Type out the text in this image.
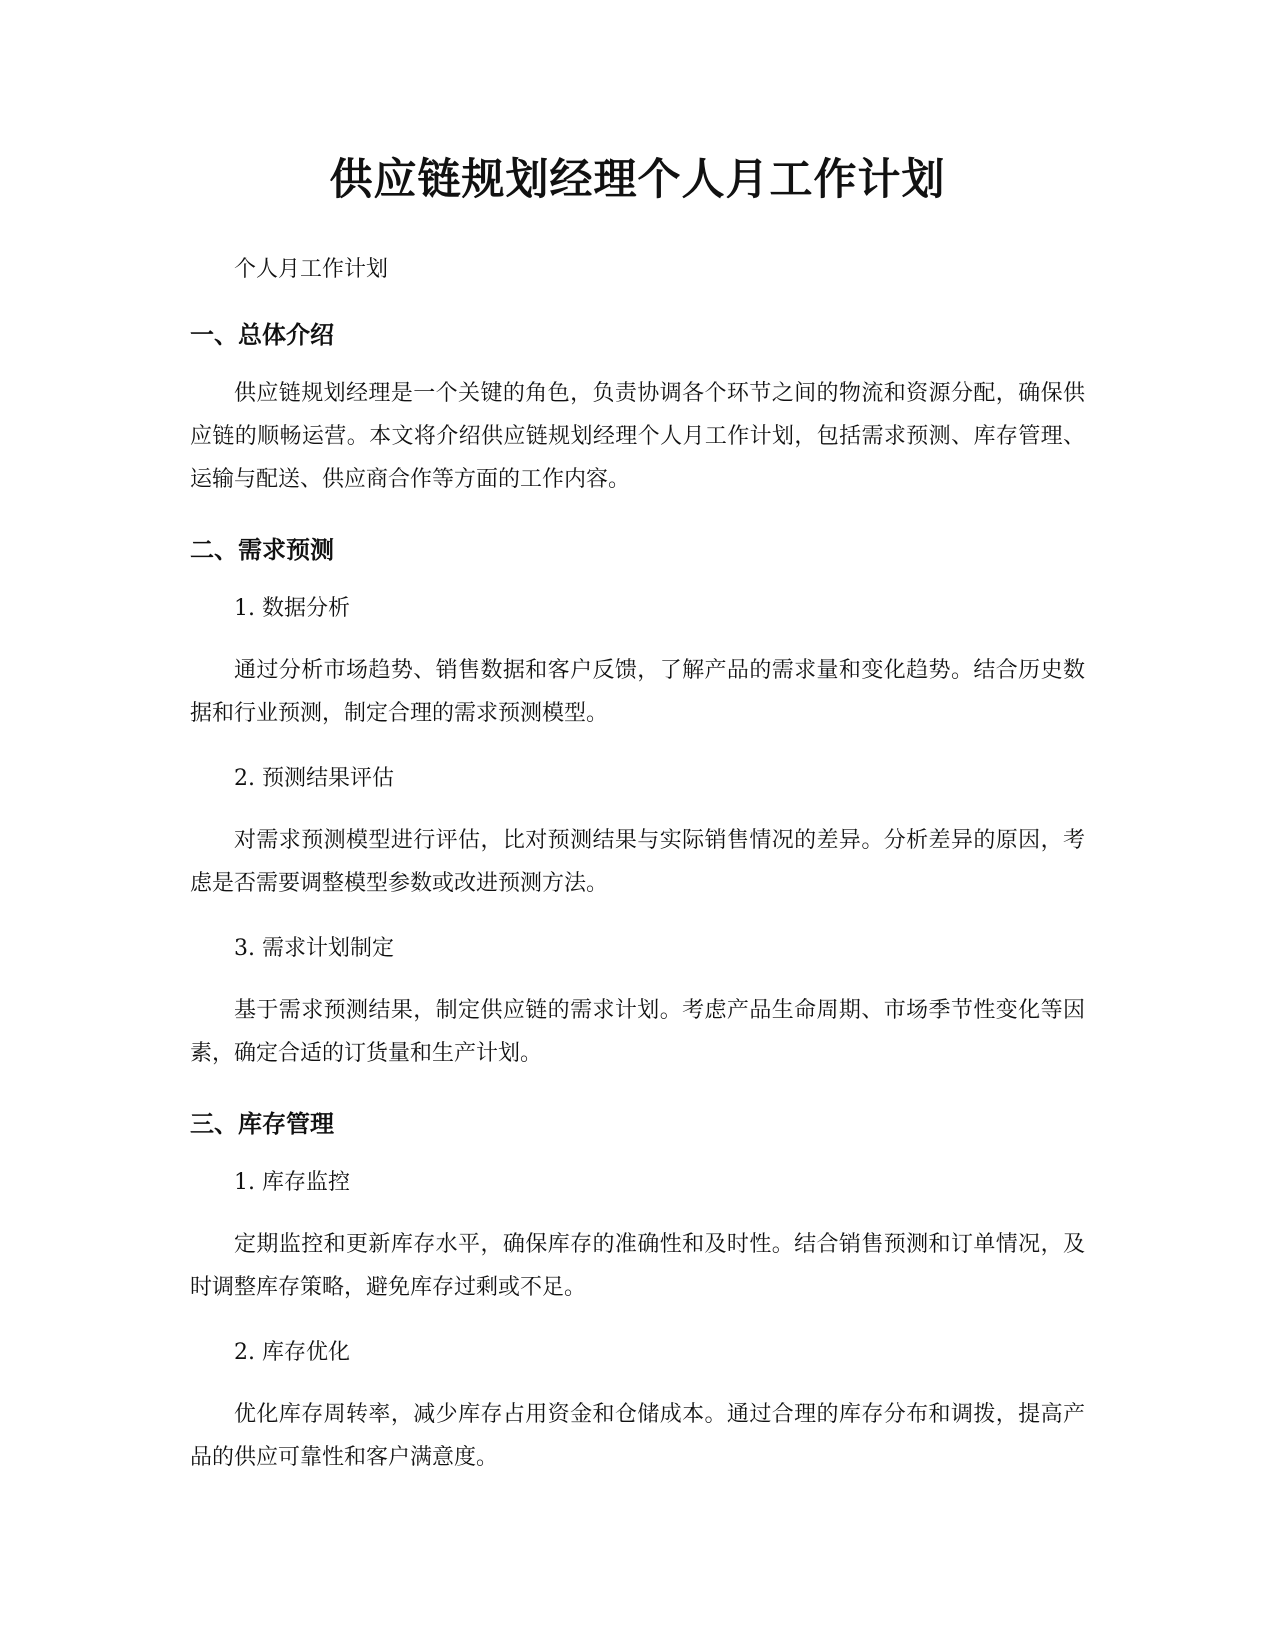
供应链规划经理个人月工作计划

个人月工作计划

一、总体介绍

供应链规划经理是一个关键的角色，负责协调各个环节之间的物流和资源分配，确保供应链的顺畅运营。本文将介绍供应链规划经理个人月工作计划，包括需求预测、库存管理、运输与配送、供应商合作等方面的工作内容。

二、需求预测

1. 数据分析

通过分析市场趋势、销售数据和客户反馈，了解产品的需求量和变化趋势。结合历史数据和行业预测，制定合理的需求预测模型。

2. 预测结果评估

对需求预测模型进行评估，比对预测结果与实际销售情况的差异。分析差异的原因，考虑是否需要调整模型参数或改进预测方法。

3. 需求计划制定

基于需求预测结果，制定供应链的需求计划。考虑产品生命周期、市场季节性变化等因素，确定合适的订货量和生产计划。

三、库存管理

1. 库存监控

定期监控和更新库存水平，确保库存的准确性和及时性。结合销售预测和订单情况，及时调整库存策略，避免库存过剩或不足。

2. 库存优化

优化库存周转率，减少库存占用资金和仓储成本。通过合理的库存分布和调拨，提高产品的供应可靠性和客户满意度。
